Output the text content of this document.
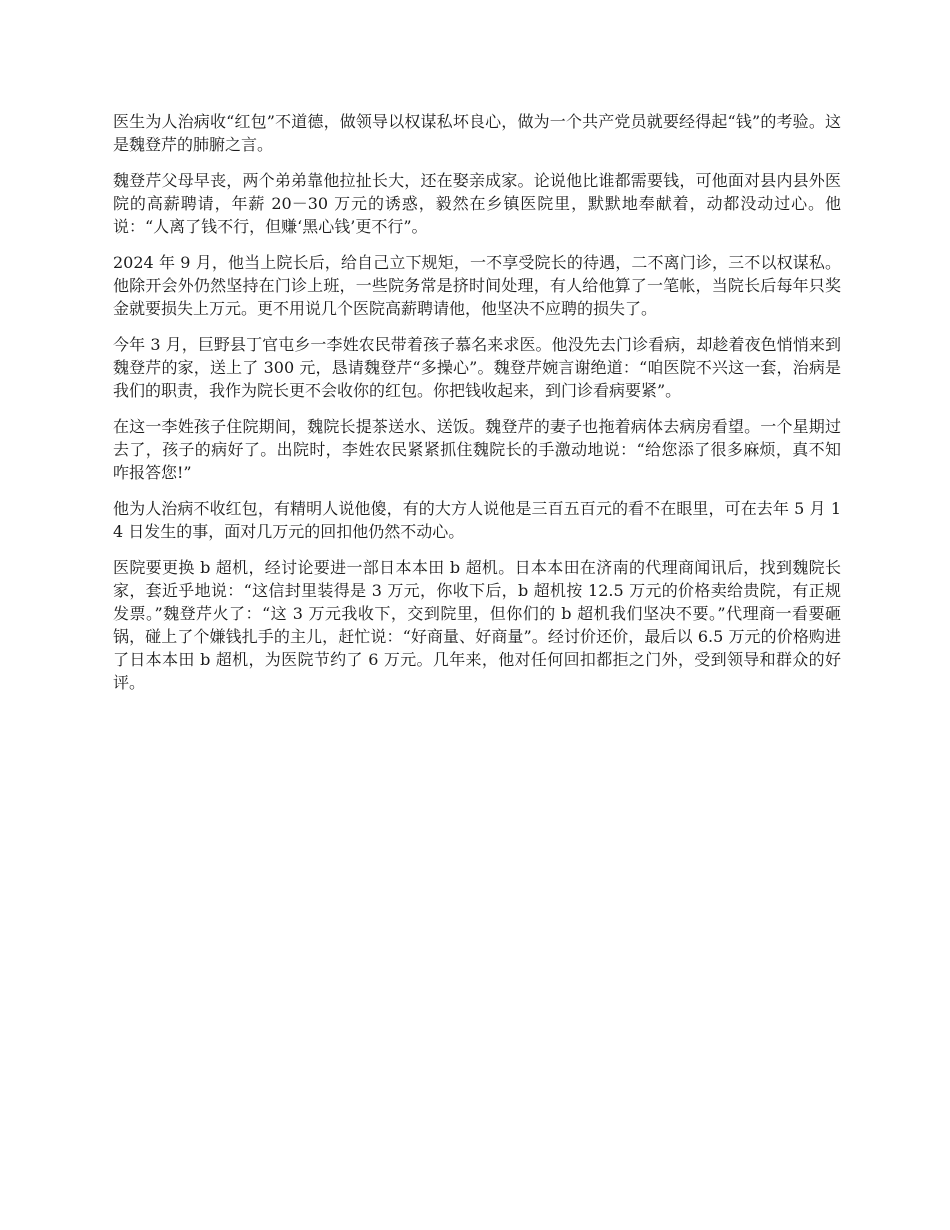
医生为人治病收“红包”不道德，做领导以权谋私坏良心，做为一个共产党员就要经得起“钱”的考验。这是魏登芹的肺腑之言。

魏登芹父母早丧，两个弟弟靠他拉扯长大，还在娶亲成家。论说他比谁都需要钱，可他面对县内县外医院的高薪聘请，年薪 20－30 万元的诱惑，毅然在乡镇医院里，默默地奉献着，动都没动过心。他说：“人离了钱不行，但赚‘黑心钱’更不行”。

2024 年 9 月，他当上院长后，给自己立下规矩，一不享受院长的待遇，二不离门诊，三不以权谋私。他除开会外仍然坚持在门诊上班，一些院务常是挤时间处理，有人给他算了一笔帐，当院长后每年只奖金就要损失上万元。更不用说几个医院高薪聘请他，他坚决不应聘的损失了。

今年 3 月，巨野县丁官屯乡一李姓农民带着孩子慕名来求医。他没先去门诊看病，却趁着夜色悄悄来到魏登芹的家，送上了 300 元，恳请魏登芹“多操心”。魏登芹婉言谢绝道：“咱医院不兴这一套，治病是我们的职责，我作为院长更不会收你的红包。你把钱收起来，到门诊看病要紧”。

在这一李姓孩子住院期间，魏院长提茶送水、送饭。魏登芹的妻子也拖着病体去病房看望。一个星期过去了，孩子的病好了。出院时，李姓农民紧紧抓住魏院长的手激动地说：“给您添了很多麻烦，真不知咋报答您!”

他为人治病不收红包，有精明人说他傻，有的大方人说他是三百五百元的看不在眼里，可在去年 5 月 14 日发生的事，面对几万元的回扣他仍然不动心。

医院要更换 b 超机，经讨论要进一部日本本田 b 超机。日本本田在济南的代理商闻讯后，找到魏院长家，套近乎地说：“这信封里装得是 3 万元，你收下后，b 超机按 12.5 万元的价格卖给贵院，有正规发票。”魏登芹火了：“这 3 万元我收下，交到院里，但你们的 b 超机我们坚决不要。”代理商一看要砸锅，碰上了个嫌钱扎手的主儿，赶忙说：“好商量、好商量”。经讨价还价，最后以 6.5 万元的价格购进了日本本田 b 超机，为医院节约了 6 万元。几年来，他对任何回扣都拒之门外，受到领导和群众的好评。
